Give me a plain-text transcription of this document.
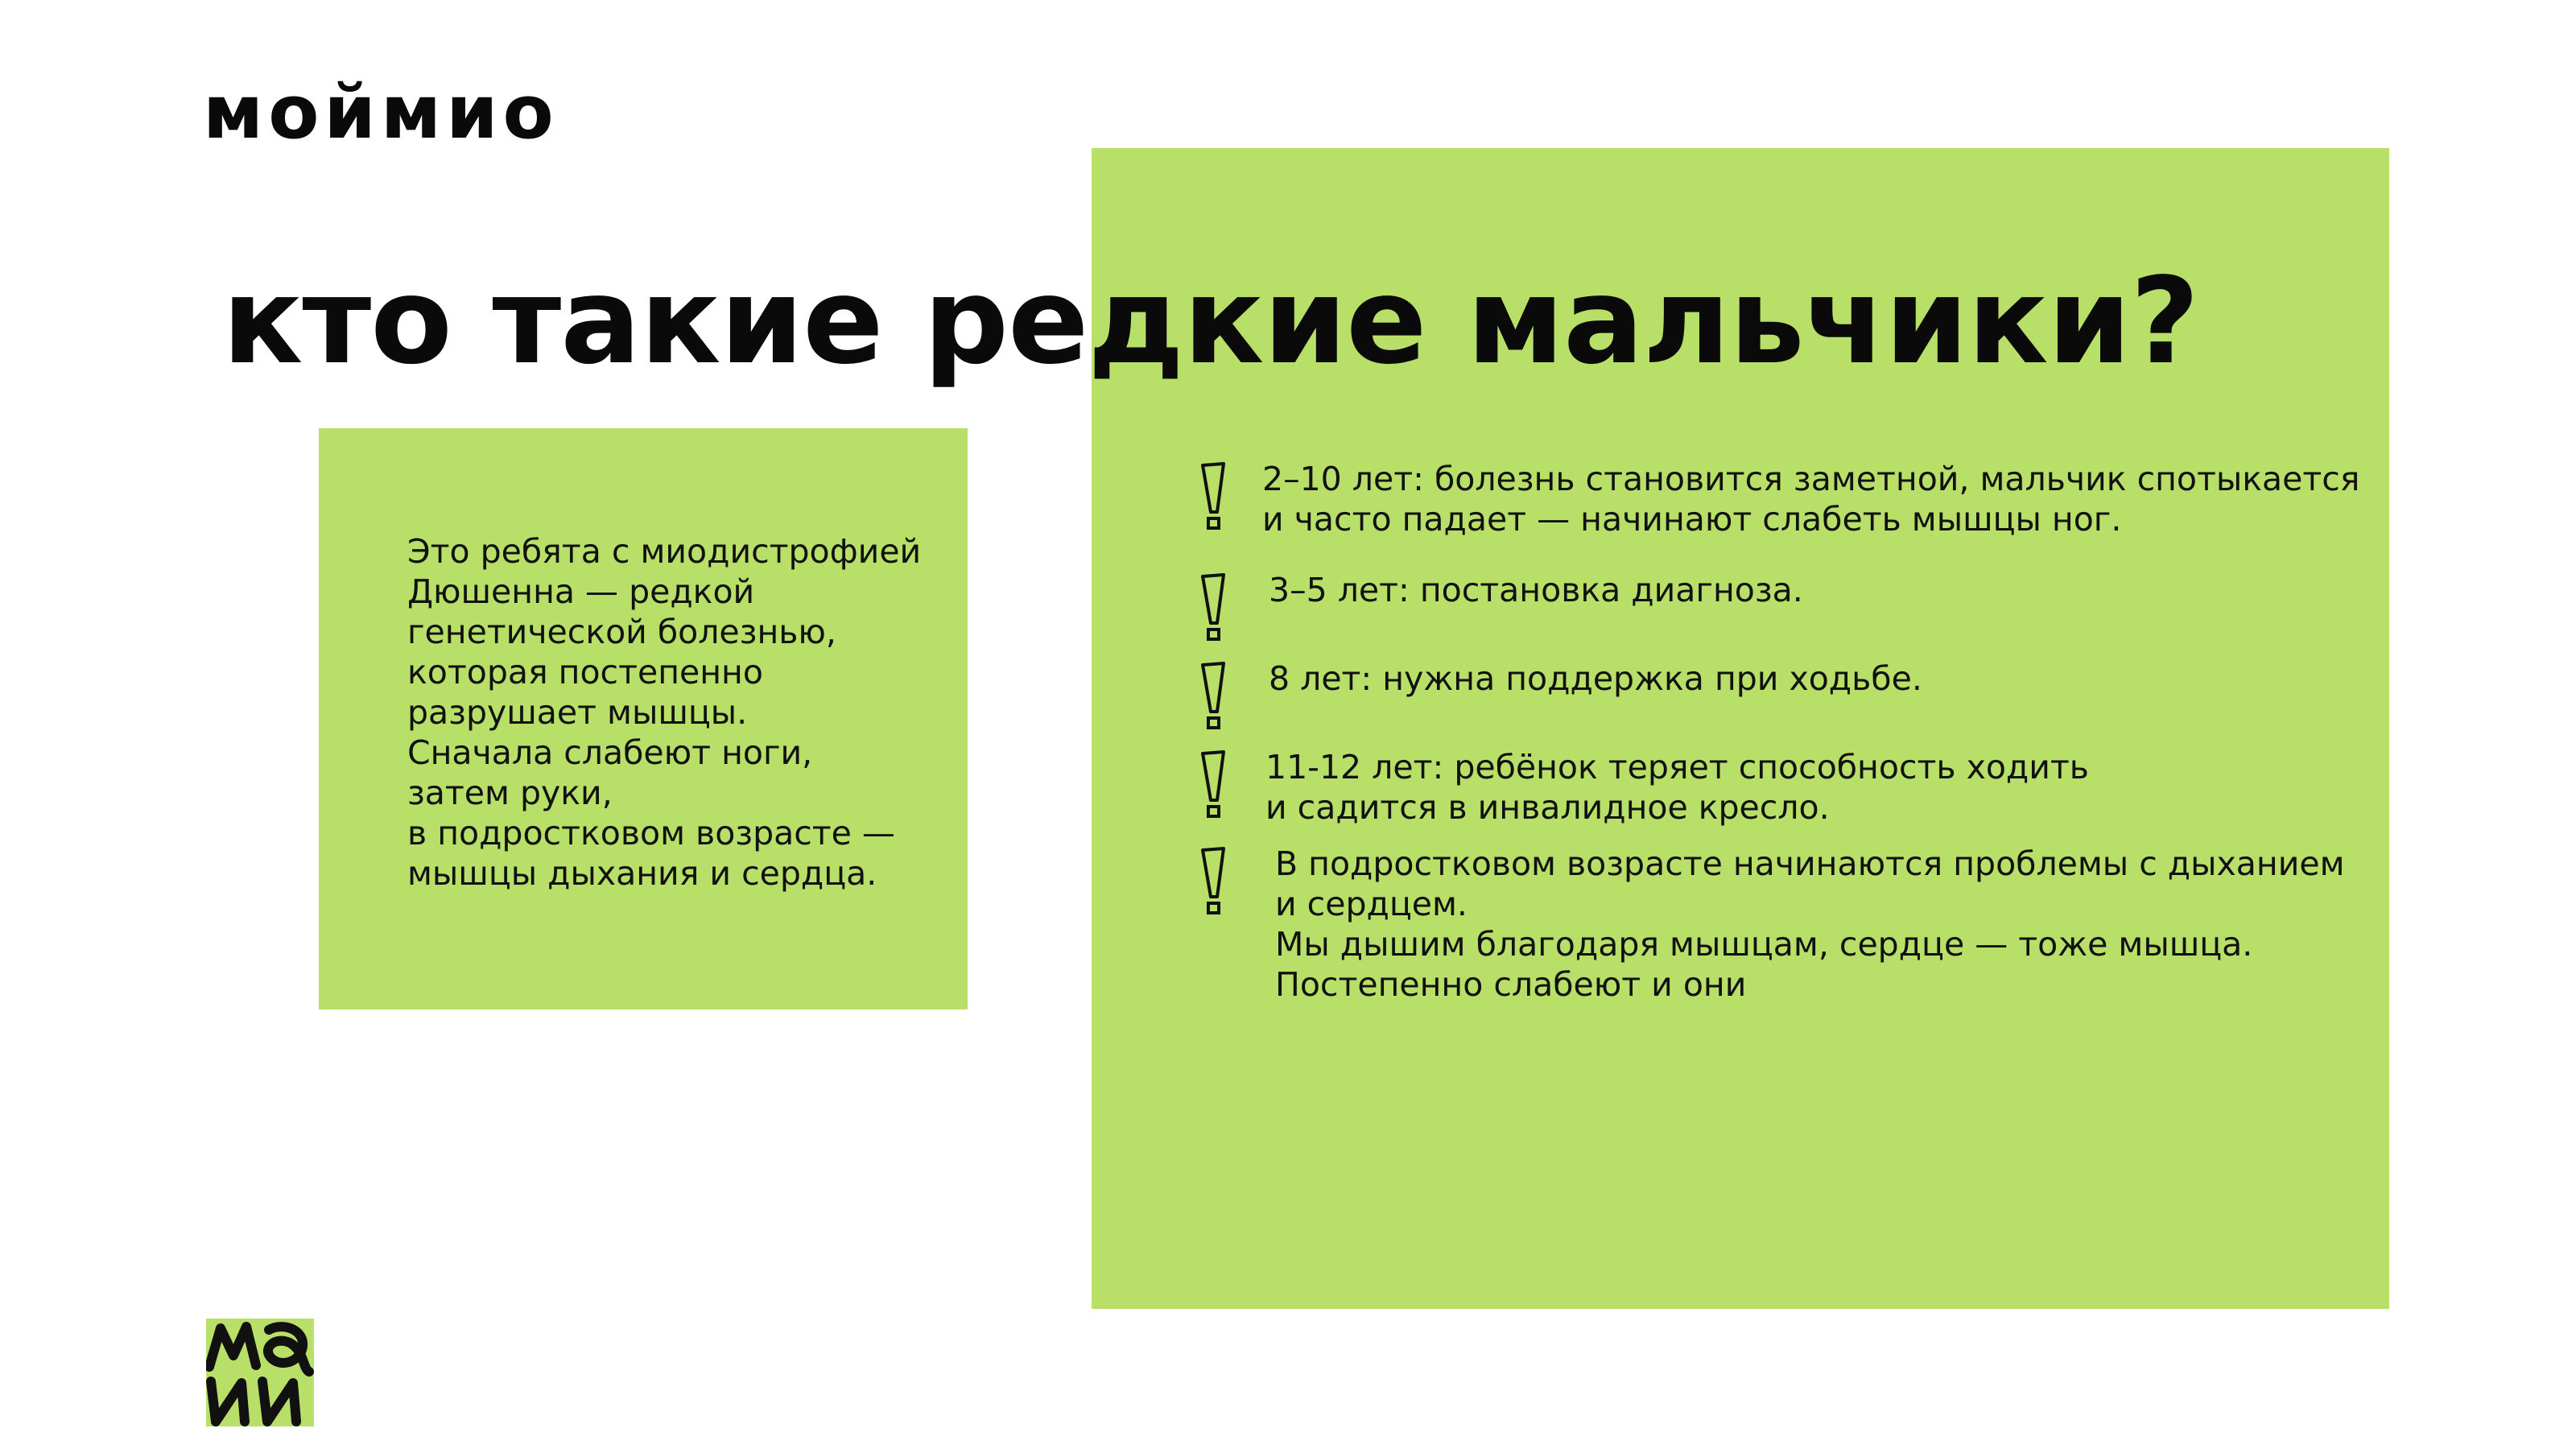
моймио
кто такие редкие мальчики?
Это ребята с миодистрофией
Дюшенна — редкой
генетической болезнью,
которая постепенно
разрушает мышцы.
Сначала слабеют ноги,
затем руки,
в подростковом возрасте —
мышцы дыхания и сердца.
2–10 лет: болезнь становится заметной, мальчик спотыкается
и часто падает — начинают слабеть мышцы ног.
3–5 лет: постановка диагноза.
8 лет: нужна поддержка при ходьбе.
11-12 лет: ребёнок теряет способность ходить
и садится в инвалидное кресло.
В подростковом возрасте начинаются проблемы с дыханием
и сердцем.
Мы дышим благодаря мышцам, сердце — тоже мышца.
Постепенно слабеют и они
